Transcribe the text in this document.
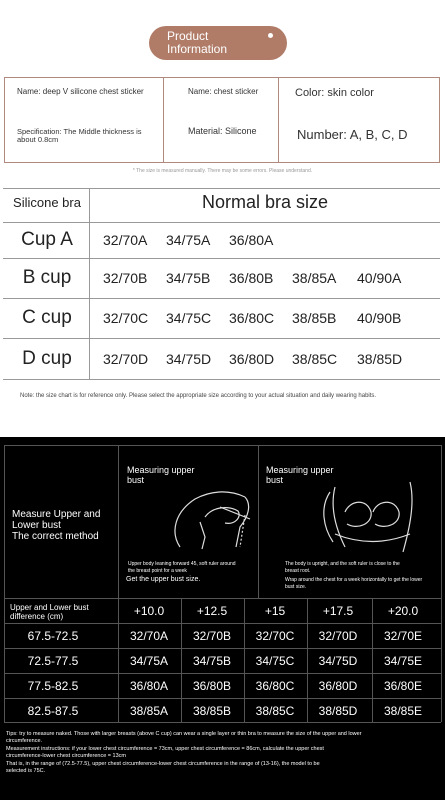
Product
Information
Name: deep V silicone chest sticker	Name: chest sticker	Color: skin color
Specification: The Middle thickness is about 0.8cm
Material: Silicone	Number: A, B, C, D
* The size is measured manually. There may be some errors. Please understand.
Silicone bra	Normal bra size
Cup A	32/70A 34/75A 36/80A
B cup	32/70B 34/75B 36/80B 38/85A 40/90A
C cup	32/70C 34/75C 36/80C 38/85B 40/90B
D cup	32/70D 34/75D 36/80D 38/85C 38/85D
Note: the size chart is for reference only. Please select the appropriate size according to your actual situation and daily wearing habits.
Measure Upper and
Lower bust
The correct method
Measuring upper
bust
Measuring upper
bust
Upper body leaning forward 45, soft ruler around
the breast point for a week
Get the upper bust size.
The body is upright, and the soft ruler is close to the
breast root.
Wrap around the chest for a week horizontally to get the lower
bust size.
Upper and Lower bust
difference (cm)	+10.0	+12.5	+15	+17.5	+20.0
67.5-72.5	32/70A	32/70B	32/70C	32/70D	32/70E
72.5-77.5	34/75A	34/75B	34/75C	34/75D	34/75E
77.5-82.5	36/80A	36/80B	36/80C	36/80D	36/80E
82.5-87.5	38/85A	38/85B	38/85C	38/85D	38/85E
Tips: try to measure naked. Those with larger breasts (above C cup) can wear a single layer or thin bra to measure the size of the upper and lower
circumference.
Measurement instructions: if your lower chest circumference = 73cm, upper chest circumference = 86cm, calculate the upper chest
circumference-lower chest circumference = 13cm
That is, in the range of (72.5-77.5), upper chest circumference-lower chest circumference in the range of (13-16), the model to be
selected is 75C.
